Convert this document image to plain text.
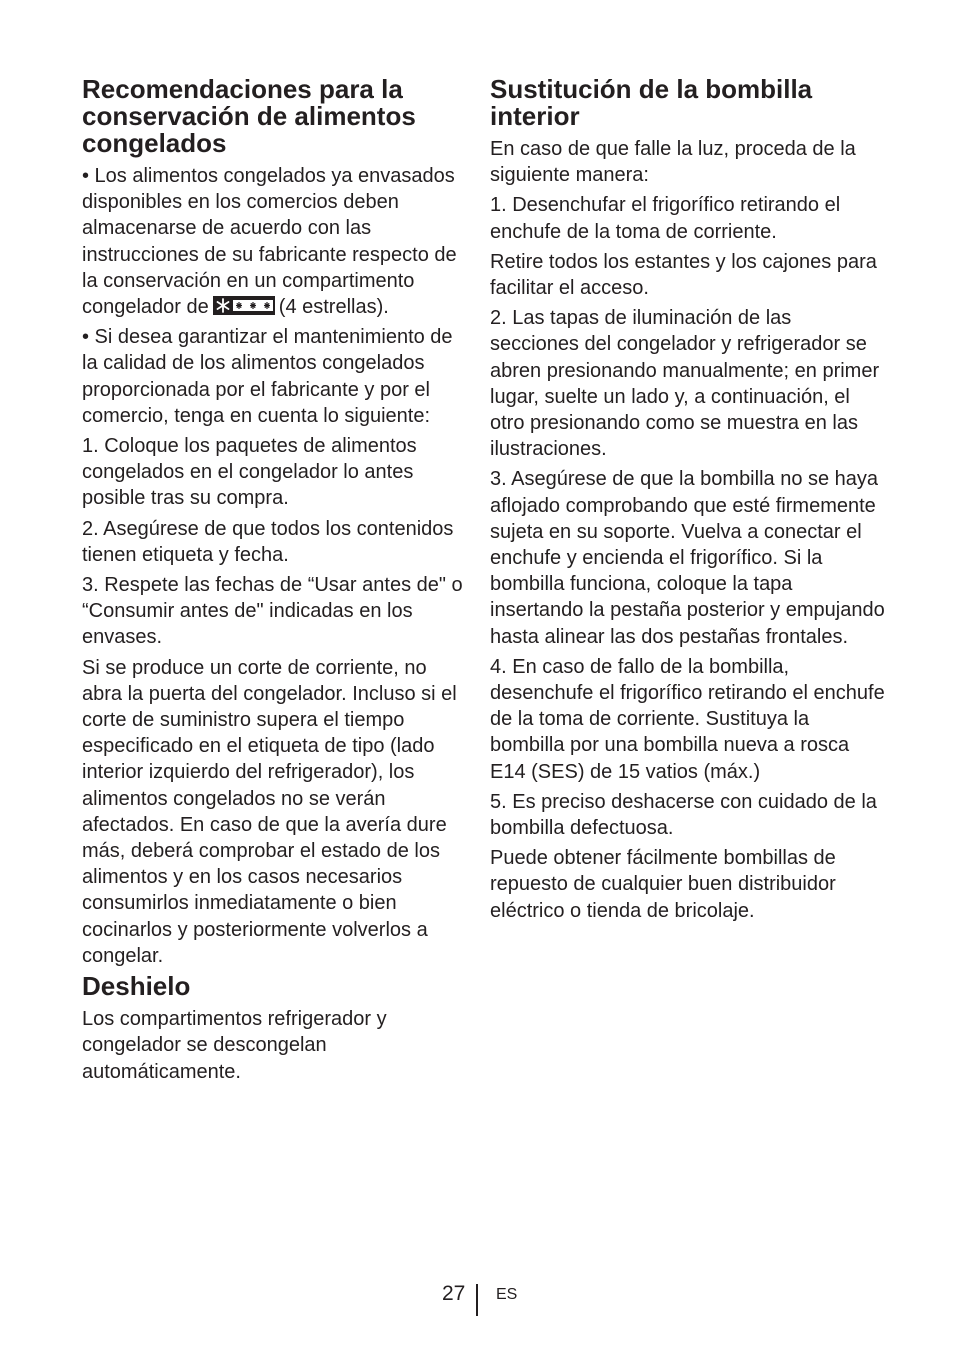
Recomendaciones para la conservación de alimentos congelados

• Los alimentos congelados ya envasados disponibles en los comercios deben almacenarse de acuerdo con las instrucciones de su fabricante respecto de la conservación en un compartimento congelador de	(4 estrellas).

• Si desea garantizar el mantenimiento de la calidad de los alimentos congelados proporcionada por el fabricante y por el comercio, tenga en cuenta lo siguiente:

1. Coloque los paquetes de alimentos congelados en el congelador lo antes posible tras su compra.

2. Asegúrese de que todos los contenidos tienen etiqueta y fecha.

3. Respete las fechas de “Usar antes de" o “Consumir antes de" indicadas en los envases.

Si se produce un corte de corriente, no abra la puerta del congelador. Incluso si el corte de suministro supera el tiempo especificado en el etiqueta de tipo (lado interior izquierdo del refrigerador), los alimentos congelados no se verán afectados. En caso de que la avería dure más, deberá comprobar el estado de los alimentos y en los casos necesarios consumirlos inmediatamente o bien cocinarlos y posteriormente volverlos a congelar.

Deshielo

Los compartimentos refrigerador y congelador se descongelan automáticamente.

Sustitución de la bombilla interior

En caso de que falle la luz, proceda de la siguiente manera:

1. Desenchufar el frigorífico retirando el enchufe de la toma de corriente.

Retire todos los estantes y los cajones para facilitar el acceso.

2. Las tapas de iluminación de las secciones del congelador y refrigerador se abren presionando manualmente; en primer lugar, suelte un lado y, a continuación, el otro presionando como se muestra en las ilustraciones.

3. Asegúrese de que la bombilla no se haya aflojado comprobando que esté firmemente sujeta en su soporte. Vuelva a conectar el enchufe y encienda el frigorífico. Si la bombilla funciona, coloque la tapa insertando la pestaña posterior y empujando hasta alinear las dos pestañas frontales.

4. En caso de fallo de la bombilla, desenchufe el frigorífico retirando el enchufe de la toma de corriente. Sustituya la bombilla por una bombilla nueva a rosca E14 (SES) de 15 vatios (máx.)

5. Es preciso deshacerse con cuidado de la bombilla defectuosa.

Puede obtener fácilmente bombillas de repuesto de cualquier buen distribuidor eléctrico o tienda de bricolaje.

27 ES
